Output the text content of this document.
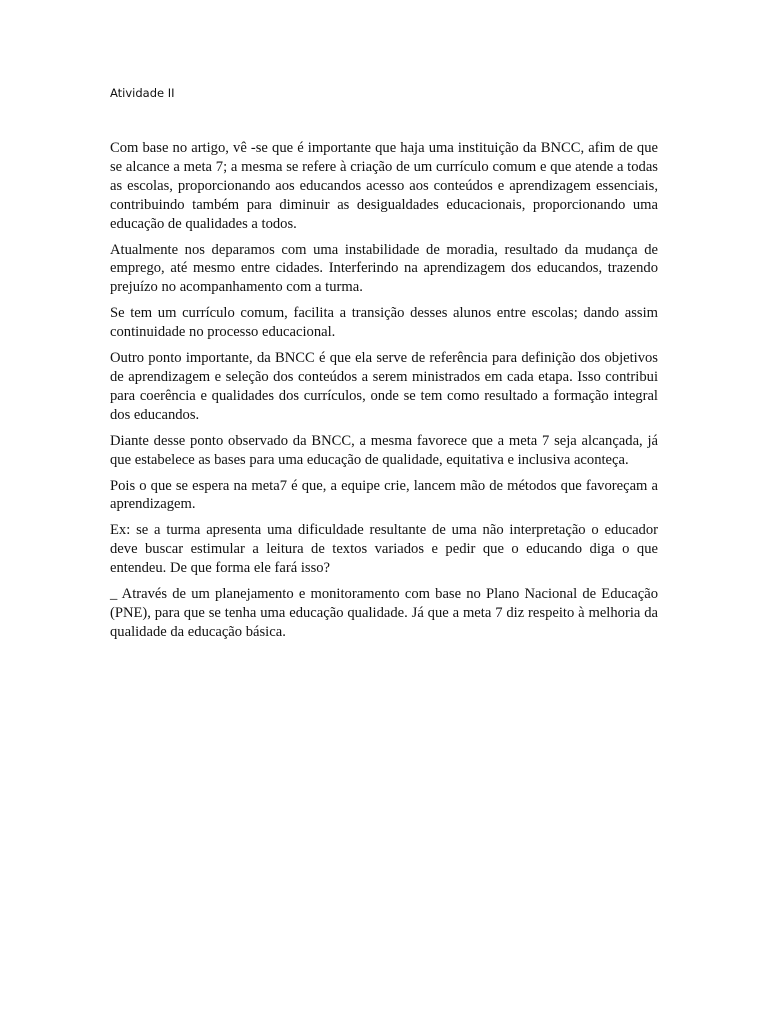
Atividade II

Com base no artigo, vê -se que é importante que haja uma instituição da BNCC, afim de que se alcance a meta 7; a mesma se refere à criação de um currículo comum e que atende a todas as escolas, proporcionando aos educandos acesso aos conteúdos e aprendizagem essenciais, contribuindo também para diminuir as desigualdades educacionais, proporcionando uma educação de qualidades a todos.

Atualmente nos deparamos com uma instabilidade de moradia, resultado da mudança de emprego, até mesmo entre cidades. Interferindo na aprendizagem dos educandos, trazendo prejuízo no acompanhamento com a turma.

Se tem um currículo comum, facilita a transição desses alunos entre escolas; dando assim continuidade no processo educacional.

Outro ponto importante, da BNCC é que ela serve de referência para definição dos objetivos de aprendizagem e seleção dos conteúdos a serem ministrados em cada etapa. Isso contribui para coerência e qualidades dos currículos, onde se tem como resultado a formação integral dos educandos.

Diante desse ponto observado da BNCC, a mesma favorece que a meta 7 seja alcançada, já que estabelece as bases para uma educação de qualidade, equitativa e inclusiva aconteça.

Pois o que se espera na meta7 é que, a equipe crie, lancem mão de métodos que favoreçam a aprendizagem.

Ex: se a turma apresenta uma dificuldade resultante de uma não interpretação o educador deve buscar estimular a leitura de textos variados e pedir que o educando diga o que entendeu. De que forma ele fará isso?

_ Através de um planejamento e monitoramento com base no Plano Nacional de Educação (PNE), para que se tenha uma educação qualidade. Já que a meta 7 diz respeito à melhoria da qualidade da educação básica.
